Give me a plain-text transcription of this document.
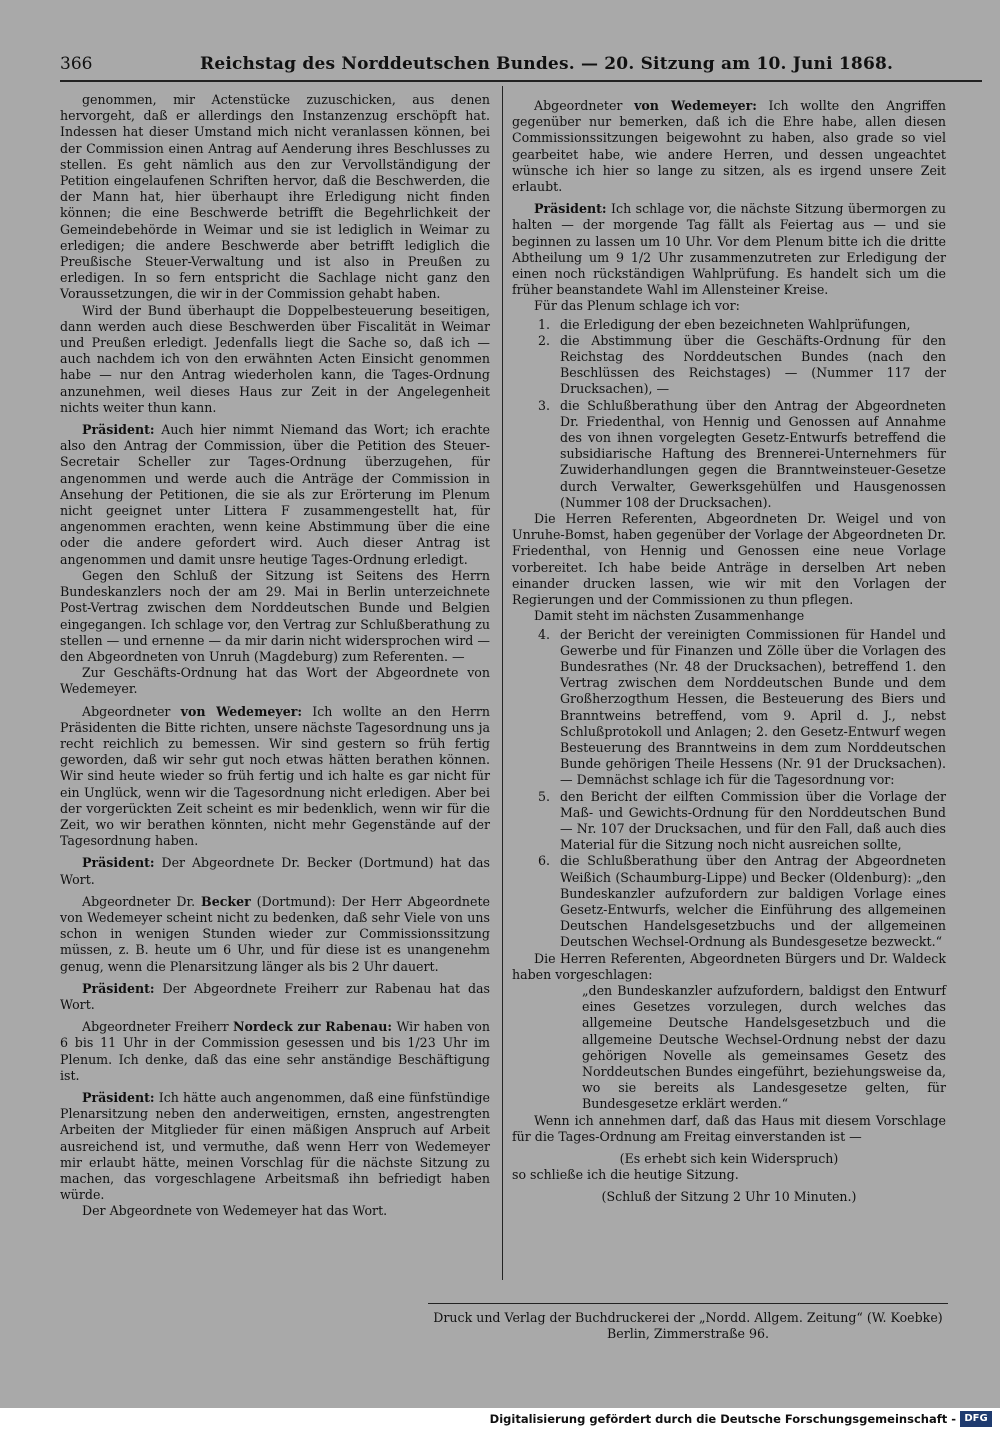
366	Reichstag des Norddeutschen Bundes. — 20. Sitzung am 10. Juni 1868.

genommen, mir Actenstücke zuzuschicken, aus denen hervorgeht, daß er allerdings den Instanzenzug erschöpft hat. Indessen hat dieser Umstand mich nicht veranlassen können, bei der Commission einen Antrag auf Aenderung ihres Beschlusses zu stellen. Es geht nämlich aus den zur Vervollständigung der Petition eingelaufenen Schriften hervor, daß die Beschwerden, die der Mann hat, hier überhaupt ihre Erledigung nicht finden können; die eine Beschwerde betrifft die Begehrlichkeit der Gemeindebehörde in Weimar und sie ist lediglich in Weimar zu erledigen; die andere Beschwerde aber betrifft lediglich die Preußische Steuer-Verwaltung und ist also in Preußen zu erledigen. In so fern entspricht die Sachlage nicht ganz den Voraussetzungen, die wir in der Commission gehabt haben.

Wird der Bund überhaupt die Doppelbesteuerung beseitigen, dann werden auch diese Beschwerden über Fiscalität in Weimar und Preußen erledigt. Jedenfalls liegt die Sache so, daß ich — auch nachdem ich von den erwähnten Acten Einsicht genommen habe — nur den Antrag wiederholen kann, die Tages-Ordnung anzunehmen, weil dieses Haus zur Zeit in der Angelegenheit nichts weiter thun kann.

Präsident: Auch hier nimmt Niemand das Wort; ich erachte also den Antrag der Commission, über die Petition des Steuer-Secretair Scheller zur Tages-Ordnung überzugehen, für angenommen und werde auch die Anträge der Commission in Ansehung der Petitionen, die sie als zur Erörterung im Plenum nicht geeignet unter Littera F zusammengestellt hat, für angenommen erachten, wenn keine Abstimmung über die eine oder die andere gefordert wird. Auch dieser Antrag ist angenommen und damit unsre heutige Tages-Ordnung erledigt.

Gegen den Schluß der Sitzung ist Seitens des Herrn Bundeskanzlers noch der am 29. Mai in Berlin unterzeichnete Post-Vertrag zwischen dem Norddeutschen Bunde und Belgien eingegangen. Ich schlage vor, den Vertrag zur Schlußberathung zu stellen — und ernenne — da mir darin nicht widersprochen wird — den Abgeordneten von Unruh (Magdeburg) zum Referenten. —

Zur Geschäfts-Ordnung hat das Wort der Abgeordnete von Wedemeyer.

Abgeordneter von Wedemeyer: Ich wollte an den Herrn Präsidenten die Bitte richten, unsere nächste Tagesordnung uns ja recht reichlich zu bemessen. Wir sind gestern so früh fertig geworden, daß wir sehr gut noch etwas hätten berathen können. Wir sind heute wieder so früh fertig und ich halte es gar nicht für ein Unglück, wenn wir die Tagesordnung nicht erledigen. Aber bei der vorgerückten Zeit scheint es mir bedenklich, wenn wir für die Zeit, wo wir berathen könnten, nicht mehr Gegenstände auf der Tagesordnung haben.

Präsident: Der Abgeordnete Dr. Becker (Dortmund) hat das Wort.

Abgeordneter Dr. Becker (Dortmund): Der Herr Abgeordnete von Wedemeyer scheint nicht zu bedenken, daß sehr Viele von uns schon in wenigen Stunden wieder zur Commissionssitzung müssen, z. B. heute um 6 Uhr, und für diese ist es unangenehm genug, wenn die Plenarsitzung länger als bis 2 Uhr dauert.

Präsident: Der Abgeordnete Freiherr zur Rabenau hat das Wort.

Abgeordneter Freiherr Nordeck zur Rabenau: Wir haben von 6 bis 11 Uhr in der Commission gesessen und bis 1/23 Uhr im Plenum. Ich denke, daß das eine sehr anständige Beschäftigung ist.

Präsident: Ich hätte auch angenommen, daß eine fünfstündige Plenarsitzung neben den anderweitigen, ernsten, angestrengten Arbeiten der Mitglieder für einen mäßigen Anspruch auf Arbeit ausreichend ist, und vermuthe, daß wenn Herr von Wedemeyer mir erlaubt hätte, meinen Vorschlag für die nächste Sitzung zu machen, das vorgeschlagene Arbeitsmaß ihn befriedigt haben würde.

Der Abgeordnete von Wedemeyer hat das Wort.

Abgeordneter von Wedemeyer: Ich wollte den Angriffen gegenüber nur bemerken, daß ich die Ehre habe, allen diesen Commissionssitzungen beigewohnt zu haben, also grade so viel gearbeitet habe, wie andere Herren, und dessen ungeachtet wünsche ich hier so lange zu sitzen, als es irgend unsere Zeit erlaubt.

Präsident: Ich schlage vor, die nächste Sitzung übermorgen zu halten — der morgende Tag fällt als Feiertag aus — und sie beginnen zu lassen um 10 Uhr. Vor dem Plenum bitte ich die dritte Abtheilung um 9 1/2 Uhr zusammenzutreten zur Erledigung der einen noch rückständigen Wahlprüfung. Es handelt sich um die früher beanstandete Wahl im Allensteiner Kreise.

Für das Plenum schlage ich vor:

1. die Erledigung der eben bezeichneten Wahlprüfungen,
2. die Abstimmung über die Geschäfts-Ordnung für den Reichstag des Norddeutschen Bundes (nach den Beschlüssen des Reichstages) — (Nummer 117 der Drucksachen), —
3. die Schlußberathung über den Antrag der Abgeordneten Dr. Friedenthal, von Hennig und Genossen auf Annahme des von ihnen vorgelegten Gesetz-Entwurfs betreffend die subsidiarische Haftung des Brennerei-Unternehmers für Zuwiderhandlungen gegen die Branntweinsteuer-Gesetze durch Verwalter, Gewerksgehülfen und Hausgenossen (Nummer 108 der Drucksachen).

Die Herren Referenten, Abgeordneten Dr. Weigel und von Unruhe-Bomst, haben gegenüber der Vorlage der Abgeordneten Dr. Friedenthal, von Hennig und Genossen eine neue Vorlage vorbereitet. Ich habe beide Anträge in derselben Art neben einander drucken lassen, wie wir mit den Vorlagen der Regierungen und der Commissionen zu thun pflegen.

Damit steht im nächsten Zusammenhange

4. der Bericht der vereinigten Commissionen für Handel und Gewerbe und für Finanzen und Zölle über die Vorlagen des Bundesrathes (Nr. 48 der Drucksachen), betreffend 1. den Vertrag zwischen dem Norddeutschen Bunde und dem Großherzogthum Hessen, die Besteuerung des Biers und Branntweins betreffend, vom 9. April d. J., nebst Schlußprotokoll und Anlagen; 2. den Gesetz-Entwurf wegen Besteuerung des Branntweins in dem zum Norddeutschen Bunde gehörigen Theile Hessens (Nr. 91 der Drucksachen). — Demnächst schlage ich für die Tagesordnung vor:
5. den Bericht der eilften Commission über die Vorlage der Maß- und Gewichts-Ordnung für den Norddeutschen Bund — Nr. 107 der Drucksachen, und für den Fall, daß auch dies Material für die Sitzung noch nicht ausreichen sollte,
6. die Schlußberathung über den Antrag der Abgeordneten Weißich (Schaumburg-Lippe) und Becker (Oldenburg): „den Bundeskanzler aufzufordern zur baldigen Vorlage eines Gesetz-Entwurfs, welcher die Einführung des allgemeinen Deutschen Handelsgesetzbuchs und der allgemeinen Deutschen Wechsel-Ordnung als Bundesgesetze bezweckt.“

Die Herren Referenten, Abgeordneten Bürgers und Dr. Waldeck haben vorgeschlagen:

„den Bundeskanzler aufzufordern, baldigst den Entwurf eines Gesetzes vorzulegen, durch welches das allgemeine Deutsche Handelsgesetzbuch und die allgemeine Deutsche Wechsel-Ordnung nebst der dazu gehörigen Novelle als gemeinsames Gesetz des Norddeutschen Bundes eingeführt, beziehungsweise da, wo sie bereits als Landesgesetze gelten, für Bundesgesetze erklärt werden.“

Wenn ich annehmen darf, daß das Haus mit diesem Vorschlage für die Tages-Ordnung am Freitag einverstanden ist —

(Es erhebt sich kein Widerspruch)

so schließe ich die heutige Sitzung.

(Schluß der Sitzung 2 Uhr 10 Minuten.)

Druck und Verlag der Buchdruckerei der „Nordd. Allgem. Zeitung“ (W. Koebke)
Berlin, Zimmerstraße 96.
Digitalisierung gefördert durch die Deutsche Forschungsgemeinschaft - DFG
